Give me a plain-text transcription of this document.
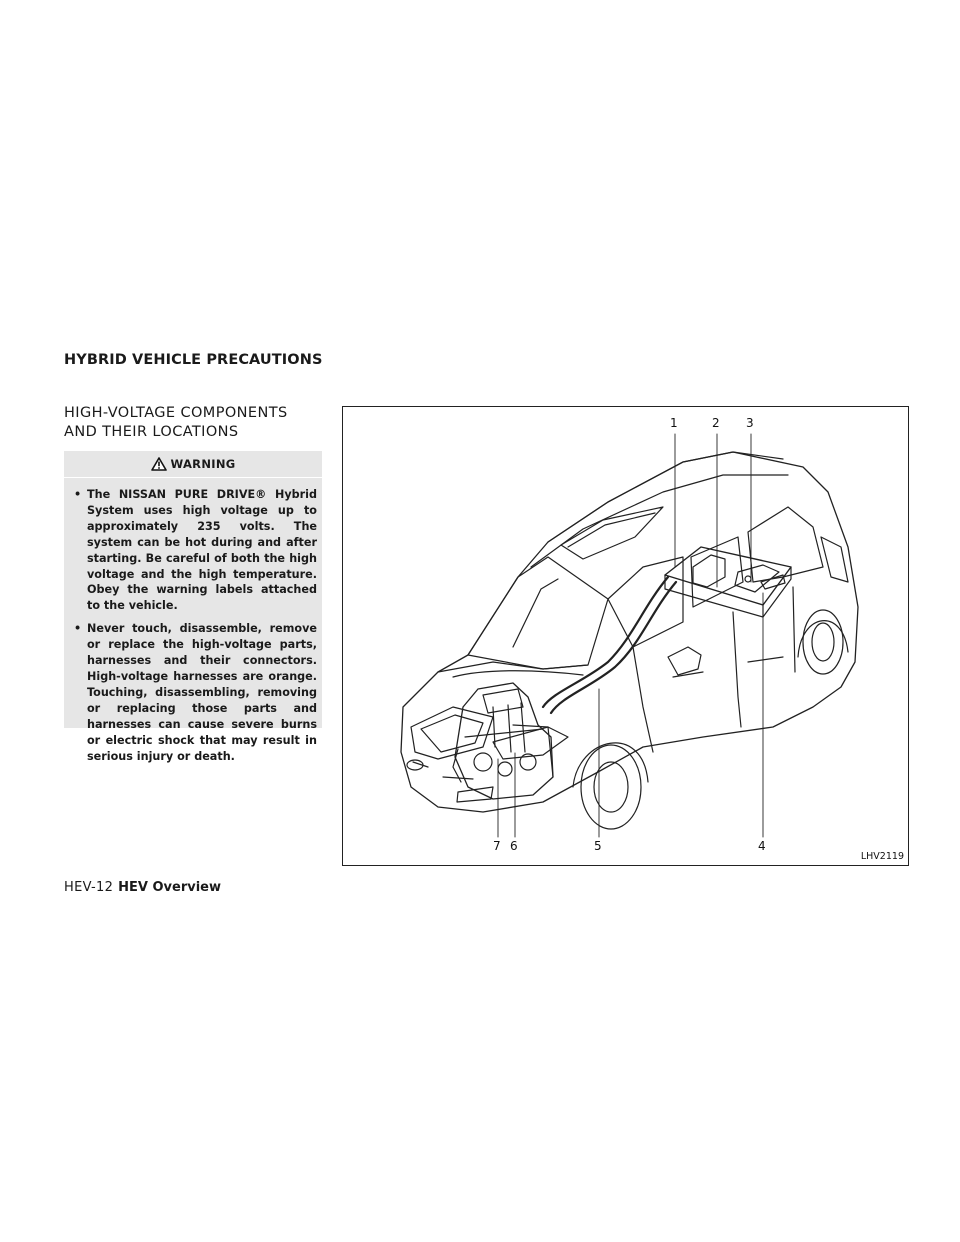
HYBRID VEHICLE PRECAUTIONS
HIGH-VOLTAGE COMPONENTS
AND THEIR LOCATIONS
WARNING
• The NISSAN PURE DRIVE® Hybrid System uses high voltage up to approximately 235 volts. The system can be hot during and after starting. Be careful of both the high voltage and the high temperature. Obey the warning labels attached to the vehicle.
• Never touch, disassemble, remove or replace the high-voltage parts, harnesses and their connectors. High-voltage harnesses are orange. Touching, disassembling, removing or replacing those parts and harnesses can cause severe burns or electric shock that may result in serious injury or death.
1	2 3
7 6	5	4
LHV2119
HEV-12 HEV Overview
